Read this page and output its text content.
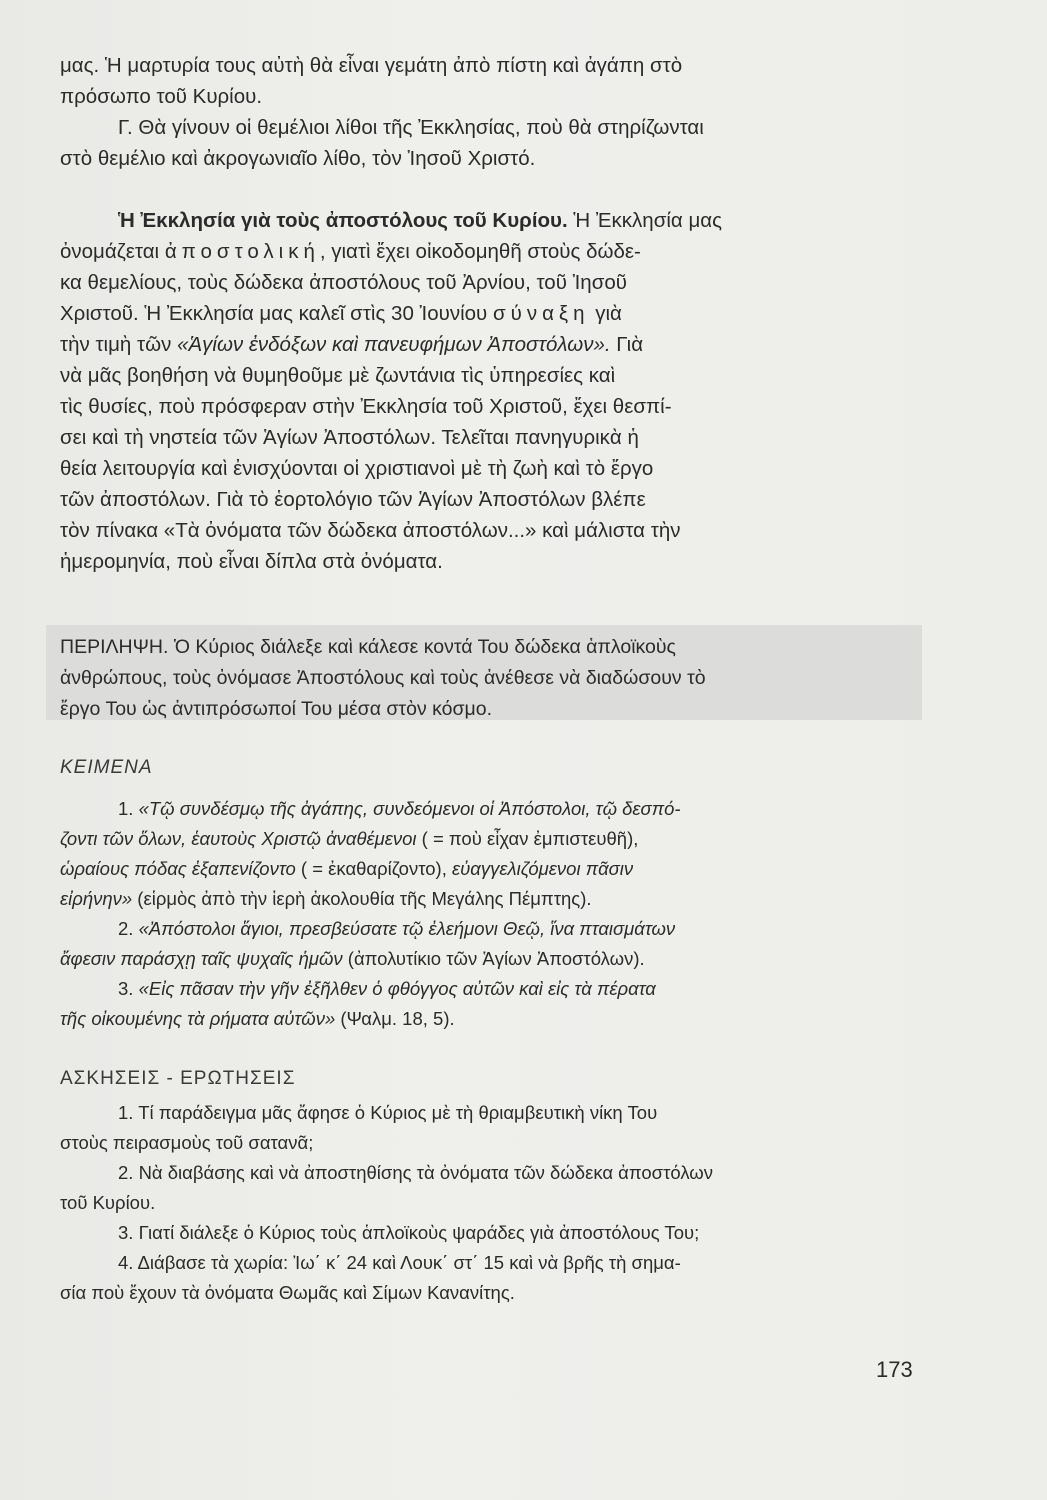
μας. Ἡ μαρτυρία τους αὐτὴ θὰ εἶναι γεμάτη ἀπὸ πίστη καὶ ἀγάπη στὸ
πρόσωπο τοῦ Κυρίου.
Γ. Θὰ γίνουν οἱ θεμέλιοι λίθοι τῆς Ἐκκλησίας, ποὺ θὰ στηρίζωνται
στὸ θεμέλιο καὶ ἀκρογωνιαῖο λίθο, τὸν Ἰησοῦ Χριστό.
Ἡ Ἐκκλησία γιὰ τοὺς ἀποστόλους τοῦ Κυρίου. Ἡ Ἐκκλησία μας
ὀνομάζεται ἀποστολική, γιατὶ ἔχει οἰκοδομηθῆ στοὺς δώδε-
κα θεμελίους, τοὺς δώδεκα ἀποστόλους τοῦ Ἀρνίου, τοῦ Ἰησοῦ
Χριστοῦ. Ἡ Ἐκκλησία μας καλεῖ στὶς 30 Ἰουνίου σύναξη γιὰ
τὴν τιμὴ τῶν «Ἁγίων ἐνδόξων καὶ πανευφήμων Ἀποστόλων». Γιὰ
νὰ μᾶς βοηθήση νὰ θυμηθοῦμε μὲ ζωντάνια τὶς ὑπηρεσίες καὶ
τὶς θυσίες, ποὺ πρόσφεραν στὴν Ἐκκλησία τοῦ Χριστοῦ, ἔχει θεσπί-
σει καὶ τὴ νηστεία τῶν Ἁγίων Ἀποστόλων. Τελεῖται πανηγυρικὰ ἡ
θεία λειτουργία καὶ ἐνισχύονται οἱ χριστιανοὶ μὲ τὴ ζωὴ καὶ τὸ ἔργο
τῶν ἀποστόλων. Γιὰ τὸ ἑορτολόγιο τῶν Ἁγίων Ἀποστόλων βλέπε
τὸν πίνακα «Τὰ ὀνόματα τῶν δώδεκα ἀποστόλων...» καὶ μάλιστα τὴν
ἡμερομηνία, ποὺ εἶναι δίπλα στὰ ὀνόματα.
ΠΕΡΙΛΗΨΗ. Ὁ Κύριος διάλεξε καὶ κάλεσε κοντά Του δώδεκα ἁπλοϊκοὺς
ἀνθρώπους, τοὺς ὀνόμασε Ἀποστόλους καὶ τοὺς ἀνέθεσε νὰ διαδώσουν τὸ
ἔργο Του ὡς ἀντιπρόσωποί Του μέσα στὸν κόσμο.
ΚΕΙΜΕΝΑ
1. «Τῷ συνδέσμῳ τῆς ἀγάπης, συνδεόμενοι οἱ Ἀπόστολοι, τῷ δεσπό-
ζοντι τῶν ὅλων, ἑαυτοὺς Χριστῷ ἀναθέμενοι ( = ποὺ εἶχαν ἐμπιστευθῆ),
ὡραίους πόδας ἐξαπενίζοντο ( = ἐκαθαρίζοντο), εὐαγγελιζόμενοι πᾶσιν
εἰρήνην» (εἱρμὸς ἀπὸ τὴν ἱερὴ ἀκολουθία τῆς Μεγάλης Πέμπτης).
2. «Ἀπόστολοι ἅγιοι, πρεσβεύσατε τῷ ἐλεήμονι Θεῷ, ἵνα πταισμάτων
ἄφεσιν παράσχῃ ταῖς ψυχαῖς ἡμῶν (ἀπολυτίκιο τῶν Ἁγίων Ἀποστόλων).
3. «Εἰς πᾶσαν τὴν γῆν ἐξῆλθεν ὁ φθόγγος αὐτῶν καὶ εἰς τὰ πέρατα
τῆς οἰκουμένης τὰ ρήματα αὐτῶν» (Ψαλμ. 18, 5).
ΑΣΚΗΣΕΙΣ - ΕΡΩΤΗΣΕΙΣ
1. Τί παράδειγμα μᾶς ἄφησε ὁ Κύριος μὲ τὴ θριαμβευτικὴ νίκη Του
στοὺς πειρασμοὺς τοῦ σατανᾶ;
2. Νὰ διαβάσης καὶ νὰ ἀποστηθίσης τὰ ὀνόματα τῶν δώδεκα ἀποστόλων
τοῦ Κυρίου.
3. Γιατί διάλεξε ὁ Κύριος τοὺς ἁπλοϊκοὺς ψαράδες γιὰ ἀποστόλους Του;
4. Διάβασε τὰ χωρία: Ἰω΄ κ΄ 24 καὶ Λουκ΄ στ΄ 15 καὶ νὰ βρῆς τὴ σημα-
σία ποὺ ἔχουν τὰ ὀνόματα Θωμᾶς καὶ Σίμων Κανανίτης.
173
